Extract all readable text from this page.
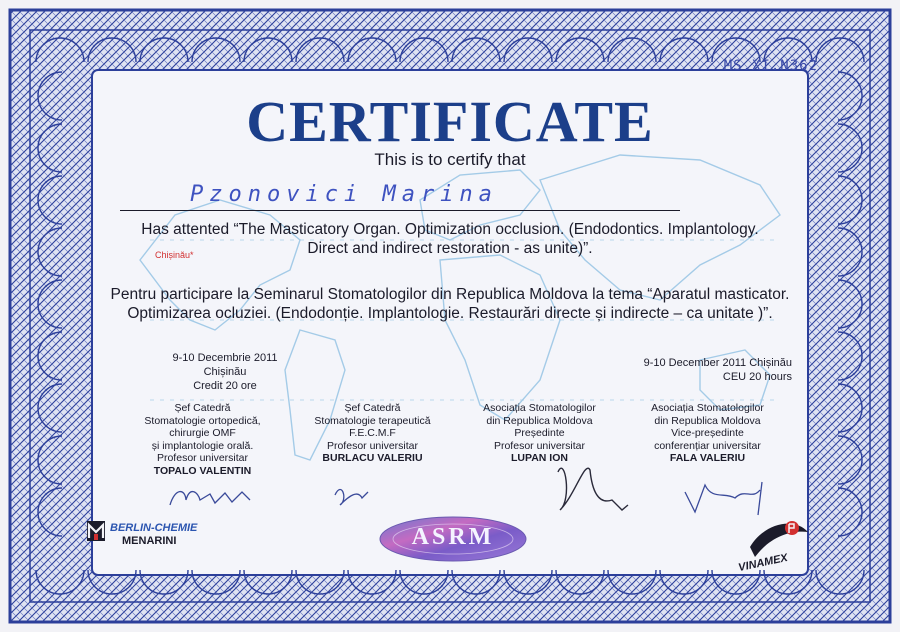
MS.XI.N362
CERTIFICATE
This is to certify that
Pzonovici Marina
Has attented “The Masticatory Organ. Optimization occlusion. (Endodontics. Implantology.
Direct and indirect restoration - as unite)”.
Chișinău*
Pentru participare la Seminarul Stomatologilor din Republica Moldova la tema “Aparatul masticator.
Optimizarea ocluziei. (Endodonție. Implantologie. Restaurări directe și indirecte – ca unitate )”.
9-10 Decembrie 2011 Chișinău
Credit 20 ore
9-10 December 2011 Chișinău
CEU 20 hours
Șef Catedră
Stomatologie ortopedică,
chirurgie OMF
și implantologie orală.
Profesor universitar
TOPALO VALENTIN
Șef Catedră
Stomatologie terapeutică
F.E.C.M.F
Profesor universitar
BURLACU VALERIU
Asociația Stomatologilor
din Republica Moldova
Președinte
Profesor universitar
LUPAN ION
Asociația Stomatologilor
din Republica Moldova
Vice-președinte
conferențiar universitar
FALA VALERIU
BERLIN-CHEMIE
MENARINI	ASRM
VINAMEX
